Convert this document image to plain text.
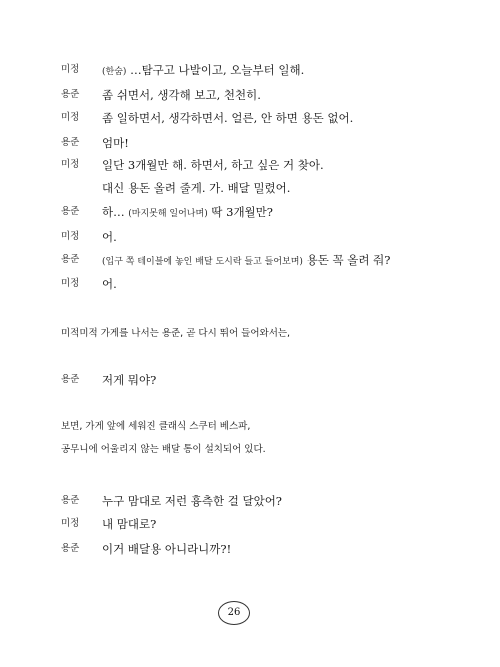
미정	(한숨) …탐구고 나발이고, 오늘부터 일해.
용준 좀 쉬면서, 생각해 보고, 천천히.
미정 좀 일하면서, 생각하면서. 얼른, 안 하면 용돈 없어.
용준 엄마!
미정 일단 3개월만 해. 하면서, 하고 싶은 거 찾아.
대신 용돈 올려 줄게. 가. 배달 밀렸어.
용준 하… (마지못해 일어나며) 딱 3개월만?
미정 어.
용준	(입구 쪽 테이블에 놓인 배달 도시락 들고 들어보며) 용돈 꼭 올려 줘?
미정 어.
미적미적 가게를 나서는 용준, 곧 다시 뛰어 들어와서는,
용준 저게 뭐야?
보면, 가게 앞에 세워진 클래식 스쿠터 베스파,
공무니에 어울리지 않는 배달 통이 설치되어 있다.
용준 누구 맘대로 저런 흉측한 걸 달았어?
미정 내 맘대로?
용준 이거 배달용 아니라니까?!
26
